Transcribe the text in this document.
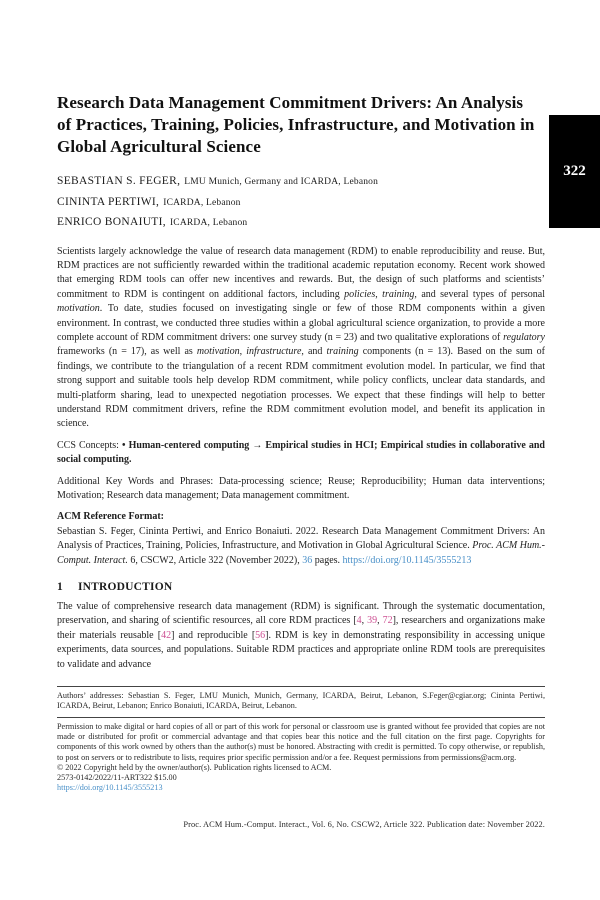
322
Research Data Management Commitment Drivers: An Analysis of Practices, Training, Policies, Infrastructure, and Motivation in Global Agricultural Science
SEBASTIAN S. FEGER, LMU Munich, Germany and ICARDA, Lebanon
CININTA PERTIWI, ICARDA, Lebanon
ENRICO BONAIUTI, ICARDA, Lebanon
Scientists largely acknowledge the value of research data management (RDM) to enable reproducibility and reuse. But, RDM practices are not sufficiently rewarded within the traditional academic reputation economy. Recent work showed that emerging RDM tools can offer new incentives and rewards. But, the design of such platforms and scientists’ commitment to RDM is contingent on additional factors, including policies, training, and several types of personal motivation. To date, studies focused on investigating single or few of those RDM components within a given environment. In contrast, we conducted three studies within a global agricultural science organization, to provide a more complete account of RDM commitment drivers: one survey study (n = 23) and two qualitative explorations of regulatory frameworks (n = 17), as well as motivation, infrastructure, and training components (n = 13). Based on the sum of findings, we contribute to the triangulation of a recent RDM commitment evolution model. In particular, we find that strong support and suitable tools help develop RDM commitment, while policy conflicts, unclear data standards, and multi-platform sharing, lead to unexpected negotiation processes. We expect that these findings will help to better understand RDM commitment drivers, refine the RDM commitment evolution model, and benefit its application in science.
CCS Concepts: • Human-centered computing → Empirical studies in HCI; Empirical studies in collaborative and social computing.
Additional Key Words and Phrases: Data-processing science; Reuse; Reproducibility; Human data interventions; Motivation; Research data management; Data management commitment.
ACM Reference Format:
Sebastian S. Feger, Cininta Pertiwi, and Enrico Bonaiuti. 2022. Research Data Management Commitment Drivers: An Analysis of Practices, Training, Policies, Infrastructure, and Motivation in Global Agricultural Science. Proc. ACM Hum.-Comput. Interact. 6, CSCW2, Article 322 (November 2022), 36 pages. https://doi.org/10.1145/3555213
1 INTRODUCTION
The value of comprehensive research data management (RDM) is significant. Through the systematic documentation, preservation, and sharing of scientific resources, all core RDM practices [4, 39, 72], researchers and organizations make their materials reusable [42] and reproducible [56]. RDM is key in demonstrating responsibility in accessing unique experiments, data sources, and populations. Suitable RDM practices and appropriate online RDM tools are prerequisites to validate and advance
Authors’ addresses: Sebastian S. Feger, LMU Munich, Munich, Germany, ICARDA, Beirut, Lebanon, S.Feger@cgiar.org; Cininta Pertiwi, ICARDA, Beirut, Lebanon; Enrico Bonaiuti, ICARDA, Beirut, Lebanon.
Permission to make digital or hard copies of all or part of this work for personal or classroom use is granted without fee provided that copies are not made or distributed for profit or commercial advantage and that copies bear this notice and the full citation on the first page. Copyrights for components of this work owned by others than the author(s) must be honored. Abstracting with credit is permitted. To copy otherwise, or republish, to post on servers or to redistribute to lists, requires prior specific permission and/or a fee. Request permissions from permissions@acm.org.
© 2022 Copyright held by the owner/author(s). Publication rights licensed to ACM.
2573-0142/2022/11-ART322 $15.00
https://doi.org/10.1145/3555213
Proc. ACM Hum.-Comput. Interact., Vol. 6, No. CSCW2, Article 322. Publication date: November 2022.
